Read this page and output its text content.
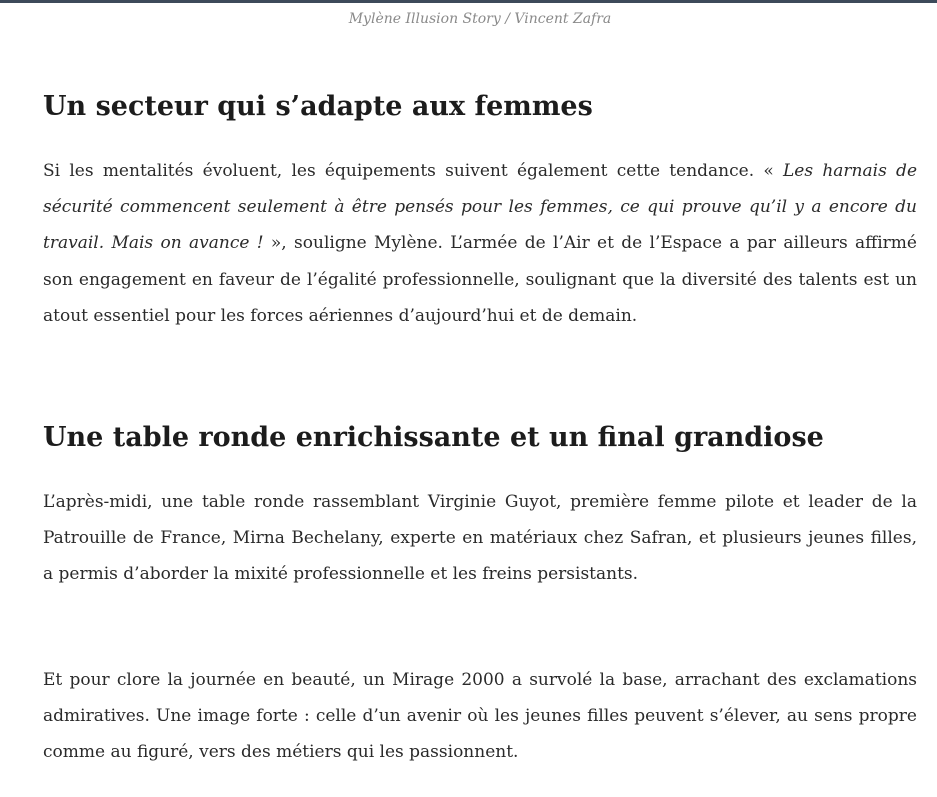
Mylène Illusion Story / Vincent Zafra
Un secteur qui s’adapte aux femmes

Si les mentalités évoluent, les équipements suivent également cette tendance. « Les harnais de sécurité commencent seulement à être pensés pour les femmes, ce qui prouve qu’il y a encore du travail. Mais on avance ! », souligne Mylène. L’armée de l’Air et de l’Espace a par ailleurs affirmé son engagement en faveur de l’égalité professionnelle, soulignant que la diversité des talents est un atout essentiel pour les forces aériennes d’aujourd’hui et de demain.

Une table ronde enrichissante et un final grandiose

L’après-midi, une table ronde rassemblant Virginie Guyot, première femme pilote et leader de la Patrouille de France, Mirna Bechelany, experte en matériaux chez Safran, et plusieurs jeunes filles, a permis d’aborder la mixité professionnelle et les freins persistants.

Et pour clore la journée en beauté, un Mirage 2000 a survolé la base, arrachant des exclamations admiratives. Une image forte : celle d’un avenir où les jeunes filles peuvent s’élever, au sens propre comme au figuré, vers des métiers qui les passionnent.
